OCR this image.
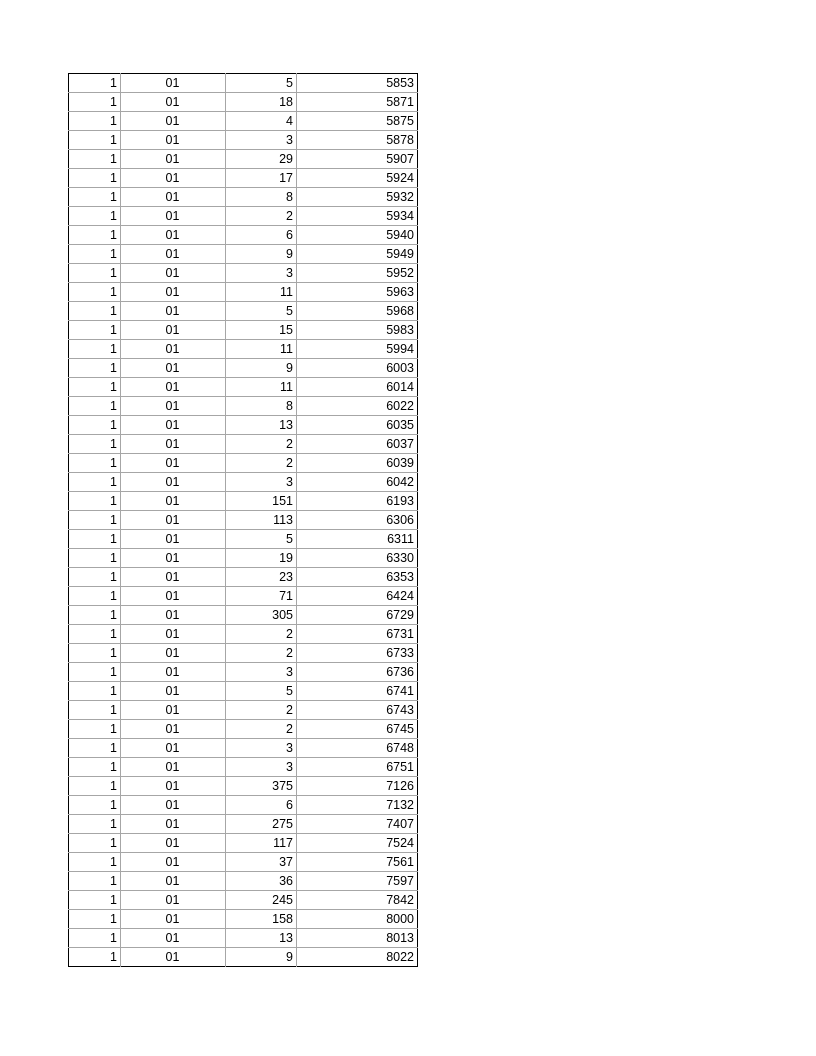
1	01	5	5853
1	01	18	5871
1	01	4	5875
1	01	3	5878
1	01	29	5907
1	01	17	5924
1	01	8	5932
1	01	2	5934
1	01	6	5940
1	01	9	5949
1	01	3	5952
1	01	11	5963
1	01	5	5968
1	01	15	5983
1	01	11	5994
1	01	9	6003
1	01	11	6014
1	01	8	6022
1	01	13	6035
1	01	2	6037
1	01	2	6039
1	01	3	6042
1	01	151	6193
1	01	113	6306
1	01	5	6311
1	01	19	6330
1	01	23	6353
1	01	71	6424
1	01	305	6729
1	01	2	6731
1	01	2	6733
1	01	3	6736
1	01	5	6741
1	01	2	6743
1	01	2	6745
1	01	3	6748
1	01	3	6751
1	01	375	7126
1	01	6	7132
1	01	275	7407
1	01	117	7524
1	01	37	7561
1	01	36	7597
1	01	245	7842
1	01	158	8000
1	01	13	8013
1	01	9	8022
